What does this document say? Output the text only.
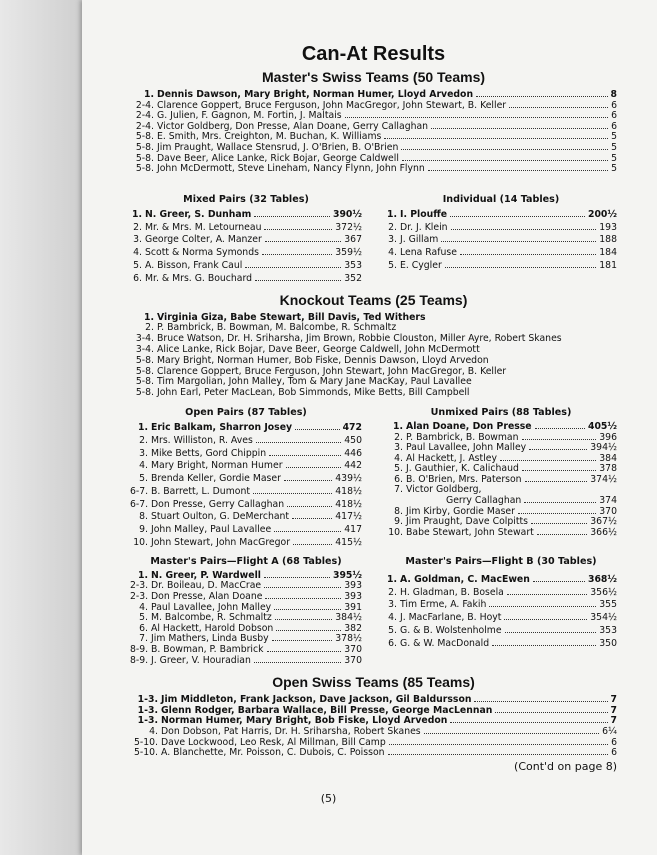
Can-At Results
Master's Swiss Teams (50 Teams)
1. Dennis Dawson, Mary Bright, Norman Humer, Lloyd Arvedon	8
2-4. Clarence Goppert, Bruce Ferguson, John MacGregor, John Stewart, B. Keller	6
2-4. G. Julien, F. Gagnon, M. Fortin, J. Maltais	6
2-4. Victor Goldberg, Don Presse, Alan Doane, Gerry Callaghan	6
5-8. E. Smith, Mrs. Creighton, M. Buchan, K. Williams	5
5-8. Jim Praught, Wallace Stensrud, J. O'Brien, B. O'Brien	5
5-8. Dave Beer, Alice Lanke, Rick Bojar, George Caldwell	5
5-8. John McDermott, Steve Lineham, Nancy Flynn, John Flynn	5
Mixed Pairs (32 Tables)
1. N. Greer, S. Dunham	390½
2. Mr. & Mrs. M. Letourneau	372½
3. George Colter, A. Manzer	367
4. Scott & Norma Symonds	359½
5. A. Bisson, Frank Caul	353
6. Mr. & Mrs. G. Bouchard	352
Individual (14 Tables)
1. I. Plouffe	200½
2. Dr. J. Klein	193
3. J. Gillam	188
4. Lena Rafuse	184
5. E. Cygler	181
Knockout Teams (25 Teams)
1. Virginia Giza, Babe Stewart, Bill Davis, Ted Withers
2. P. Bambrick, B. Bowman, M. Balcombe, R. Schmaltz
3-4. Bruce Watson, Dr. H. Sriharsha, Jim Brown, Robbie Clouston, Miller Ayre, Robert Skanes
3-4. Alice Lanke, Rick Bojar, Dave Beer, George Caldwell, John McDermott
5-8. Mary Bright, Norman Humer, Bob Fiske, Dennis Dawson, Lloyd Arvedon
5-8. Clarence Goppert, Bruce Ferguson, John Stewart, John MacGregor, B. Keller
5-8. Tim Margolian, John Malley, Tom & Mary Jane MacKay, Paul Lavallee
5-8. John Earl, Peter MacLean, Bob Simmonds, Mike Betts, Bill Campbell
Open Pairs (87 Tables)
1. Eric Balkam, Sharron Josey	472
2. Mrs. Williston, R. Aves	450
3. Mike Betts, Gord Chippin	446
4. Mary Bright, Norman Humer	442
5. Brenda Keller, Gordie Maser	439½
6-7. B. Barrett, L. Dumont	418½
6-7. Don Presse, Gerry Callaghan	418½
8. Stuart Oulton, G. DeMerchant	417½
9. John Malley, Paul Lavallee	417
10. John Stewart, John MacGregor	415½
Unmixed Pairs (88 Tables)
1. Alan Doane, Don Presse	405½
2. P. Bambrick, B. Bowman	396
3. Paul Lavallee, John Malley	394½
4. Al Hackett, J. Astley	384
5. J. Gauthier, K. Calichaud	378
6. B. O'Brien, Mrs. Paterson	374½
7. Victor Goldberg,
Gerry Callaghan	374
8. Jim Kirby, Gordie Maser	370
9. Jim Praught, Dave Colpitts	367½
10. Babe Stewart, John Stewart	366½
Master's Pairs—Flight A (68 Tables)
1. N. Greer, P. Wardwell	395½
2-3. Dr. Boileau, D. MacCrae	393
2-3. Don Presse, Alan Doane	393
4. Paul Lavallee, John Malley	391
5. M. Balcombe, R. Schmaltz	384½
6. Al Hackett, Harold Dobson	382
7. Jim Mathers, Linda Busby	378½
8-9. B. Bowman, P. Bambrick	370
8-9. J. Greer, V. Houradian	370
Master's Pairs—Flight B (30 Tables)
1. A. Goldman, C. MacEwen	368½
2. H. Gladman, B. Bosela	356½
3. Tim Erme, A. Fakih	355
4. J. MacFarlane, B. Hoyt	354½
5. G. & B. Wolstenholme	353
6. G. & W. MacDonald	350
Open Swiss Teams (85 Teams)
1-3. Jim Middleton, Frank Jackson, Dave Jackson, Gil Baldursson	7
1-3. Glenn Rodger, Barbara Wallace, Bill Presse, George MacLennan	7
1-3. Norman Humer, Mary Bright, Bob Fiske, Lloyd Arvedon	7
4. Don Dobson, Pat Harris, Dr. H. Sriharsha, Robert Skanes	6¼
5-10. Dave Lockwood, Leo Resk, Al Millman, Bill Camp	6
5-10. A. Blanchette, Mr. Poisson, C. Dubois, C. Poisson	6
(Cont'd on page 8)
(5)
